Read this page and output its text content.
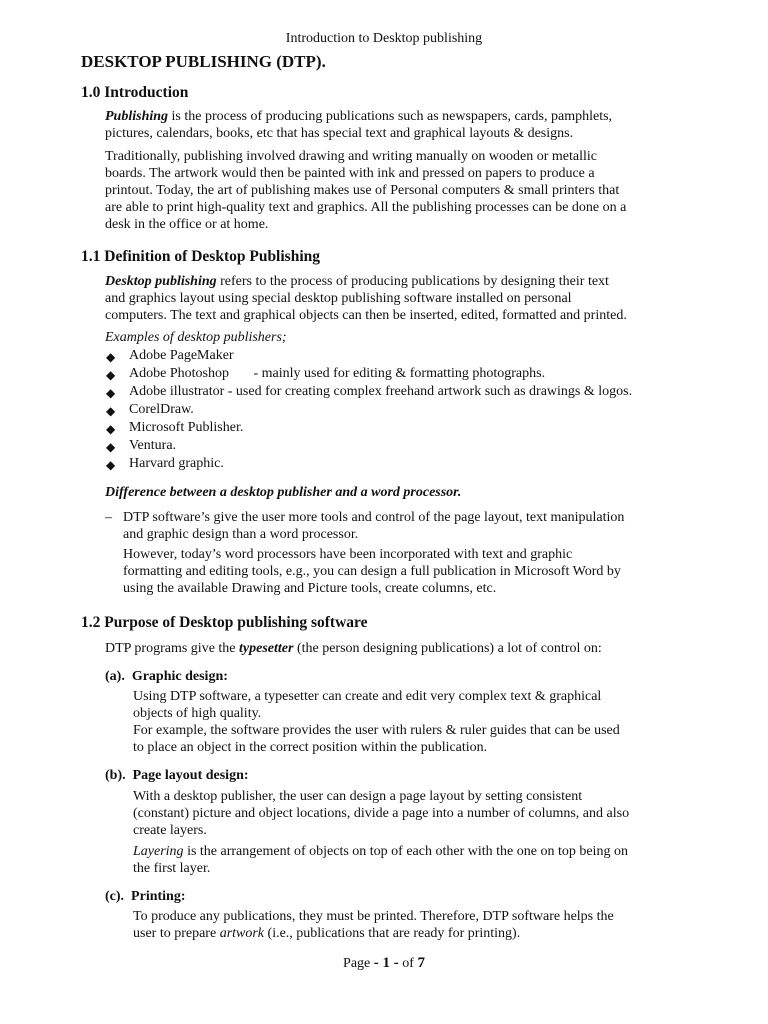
Introduction to Desktop publishing
DESKTOP PUBLISHING (DTP).
1.0 Introduction
Publishing is the process of producing publications such as newspapers, cards, pamphlets,
pictures, calendars, books, etc that has special text and graphical layouts & designs.
Traditionally, publishing involved drawing and writing manually on wooden or metallic
boards. The artwork would then be painted with ink and pressed on papers to produce a
printout. Today, the art of publishing makes use of Personal computers & small printers that
are able to print high-quality text and graphics. All the publishing processes can be done on a
desk in the office or at home.
1.1 Definition of Desktop Publishing
Desktop publishing refers to the process of producing publications by designing their text
and graphics layout using special desktop publishing software installed on personal
computers. The text and graphical objects can then be inserted, edited, formatted and printed.
Examples of desktop publishers;
◆ Adobe PageMaker
◆ Adobe Photoshop       - mainly used for editing & formatting photographs.
◆ Adobe illustrator - used for creating complex freehand artwork such as drawings & logos.
◆ CorelDraw.
◆ Microsoft Publisher.
◆ Ventura.
◆ Harvard graphic.
Difference between a desktop publisher and a word processor.
– DTP software’s give the user more tools and control of the page layout, text manipulation
and graphic design than a word processor.
However, today’s word processors have been incorporated with text and graphic
formatting and editing tools, e.g., you can design a full publication in Microsoft Word by
using the available Drawing and Picture tools, create columns, etc.
1.2 Purpose of Desktop publishing software
DTP programs give the typesetter (the person designing publications) a lot of control on:
(a). Graphic design:
Using DTP software, a typesetter can create and edit very complex text & graphical
objects of high quality.
For example, the software provides the user with rulers & ruler guides that can be used
to place an object in the correct position within the publication.
(b). Page layout design:
With a desktop publisher, the user can design a page layout by setting consistent
(constant) picture and object locations, divide a page into a number of columns, and also
create layers.
Layering is the arrangement of objects on top of each other with the one on top being on
the first layer.
(c). Printing:
To produce any publications, they must be printed. Therefore, DTP software helps the
user to prepare artwork (i.e., publications that are ready for printing).
Page - 1 - of 7
